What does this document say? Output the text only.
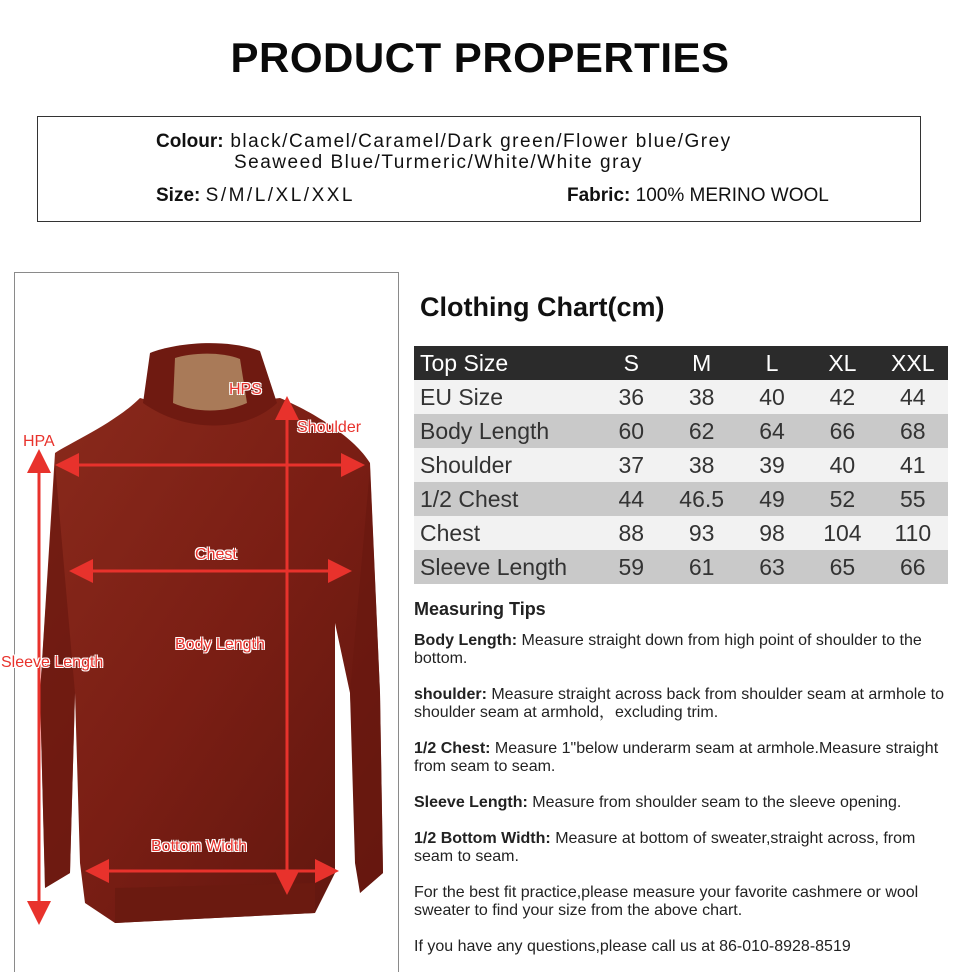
PRODUCT PROPERTIES
Colour: black/Camel/Caramel/Dark green/Flower blue/Grey
Seaweed Blue/Turmeric/White/White gray
Size: S/M/L/XL/XXL	Fabric: 100% MERINO WOOL
HPS
HPA
Shoulder
Chest
Body Length
Sleeve Length
Bottom Width
Clothing Chart(cm)
Top Size	S	M	L	XL	XXL
EU Size	36	38	40	42	44
Body Length	60	62	64	66	68
Shoulder	37	38	39	40	41
1/2 Chest	44	46.5	49	52	55
Chest	88	93	98	104	110
Sleeve Length	59	61	63	65	66
Measuring Tips
Body Length: Measure straight down from high point of shoulder to the bottom.
shoulder: Measure straight across back from shoulder seam at armhole to shoulder seam at armhold，excluding trim.
1/2 Chest: Measure 1"below underarm seam at armhole.Measure straight from seam to seam.
Sleeve Length: Measure from shoulder seam to the sleeve opening.
1/2 Bottom Width: Measure at bottom of sweater,straight across, from seam to seam.
For the best fit practice,please measure your favorite cashmere or wool sweater to find your size from the above chart.
If you have any questions,please call us at 86-010-8928-8519
